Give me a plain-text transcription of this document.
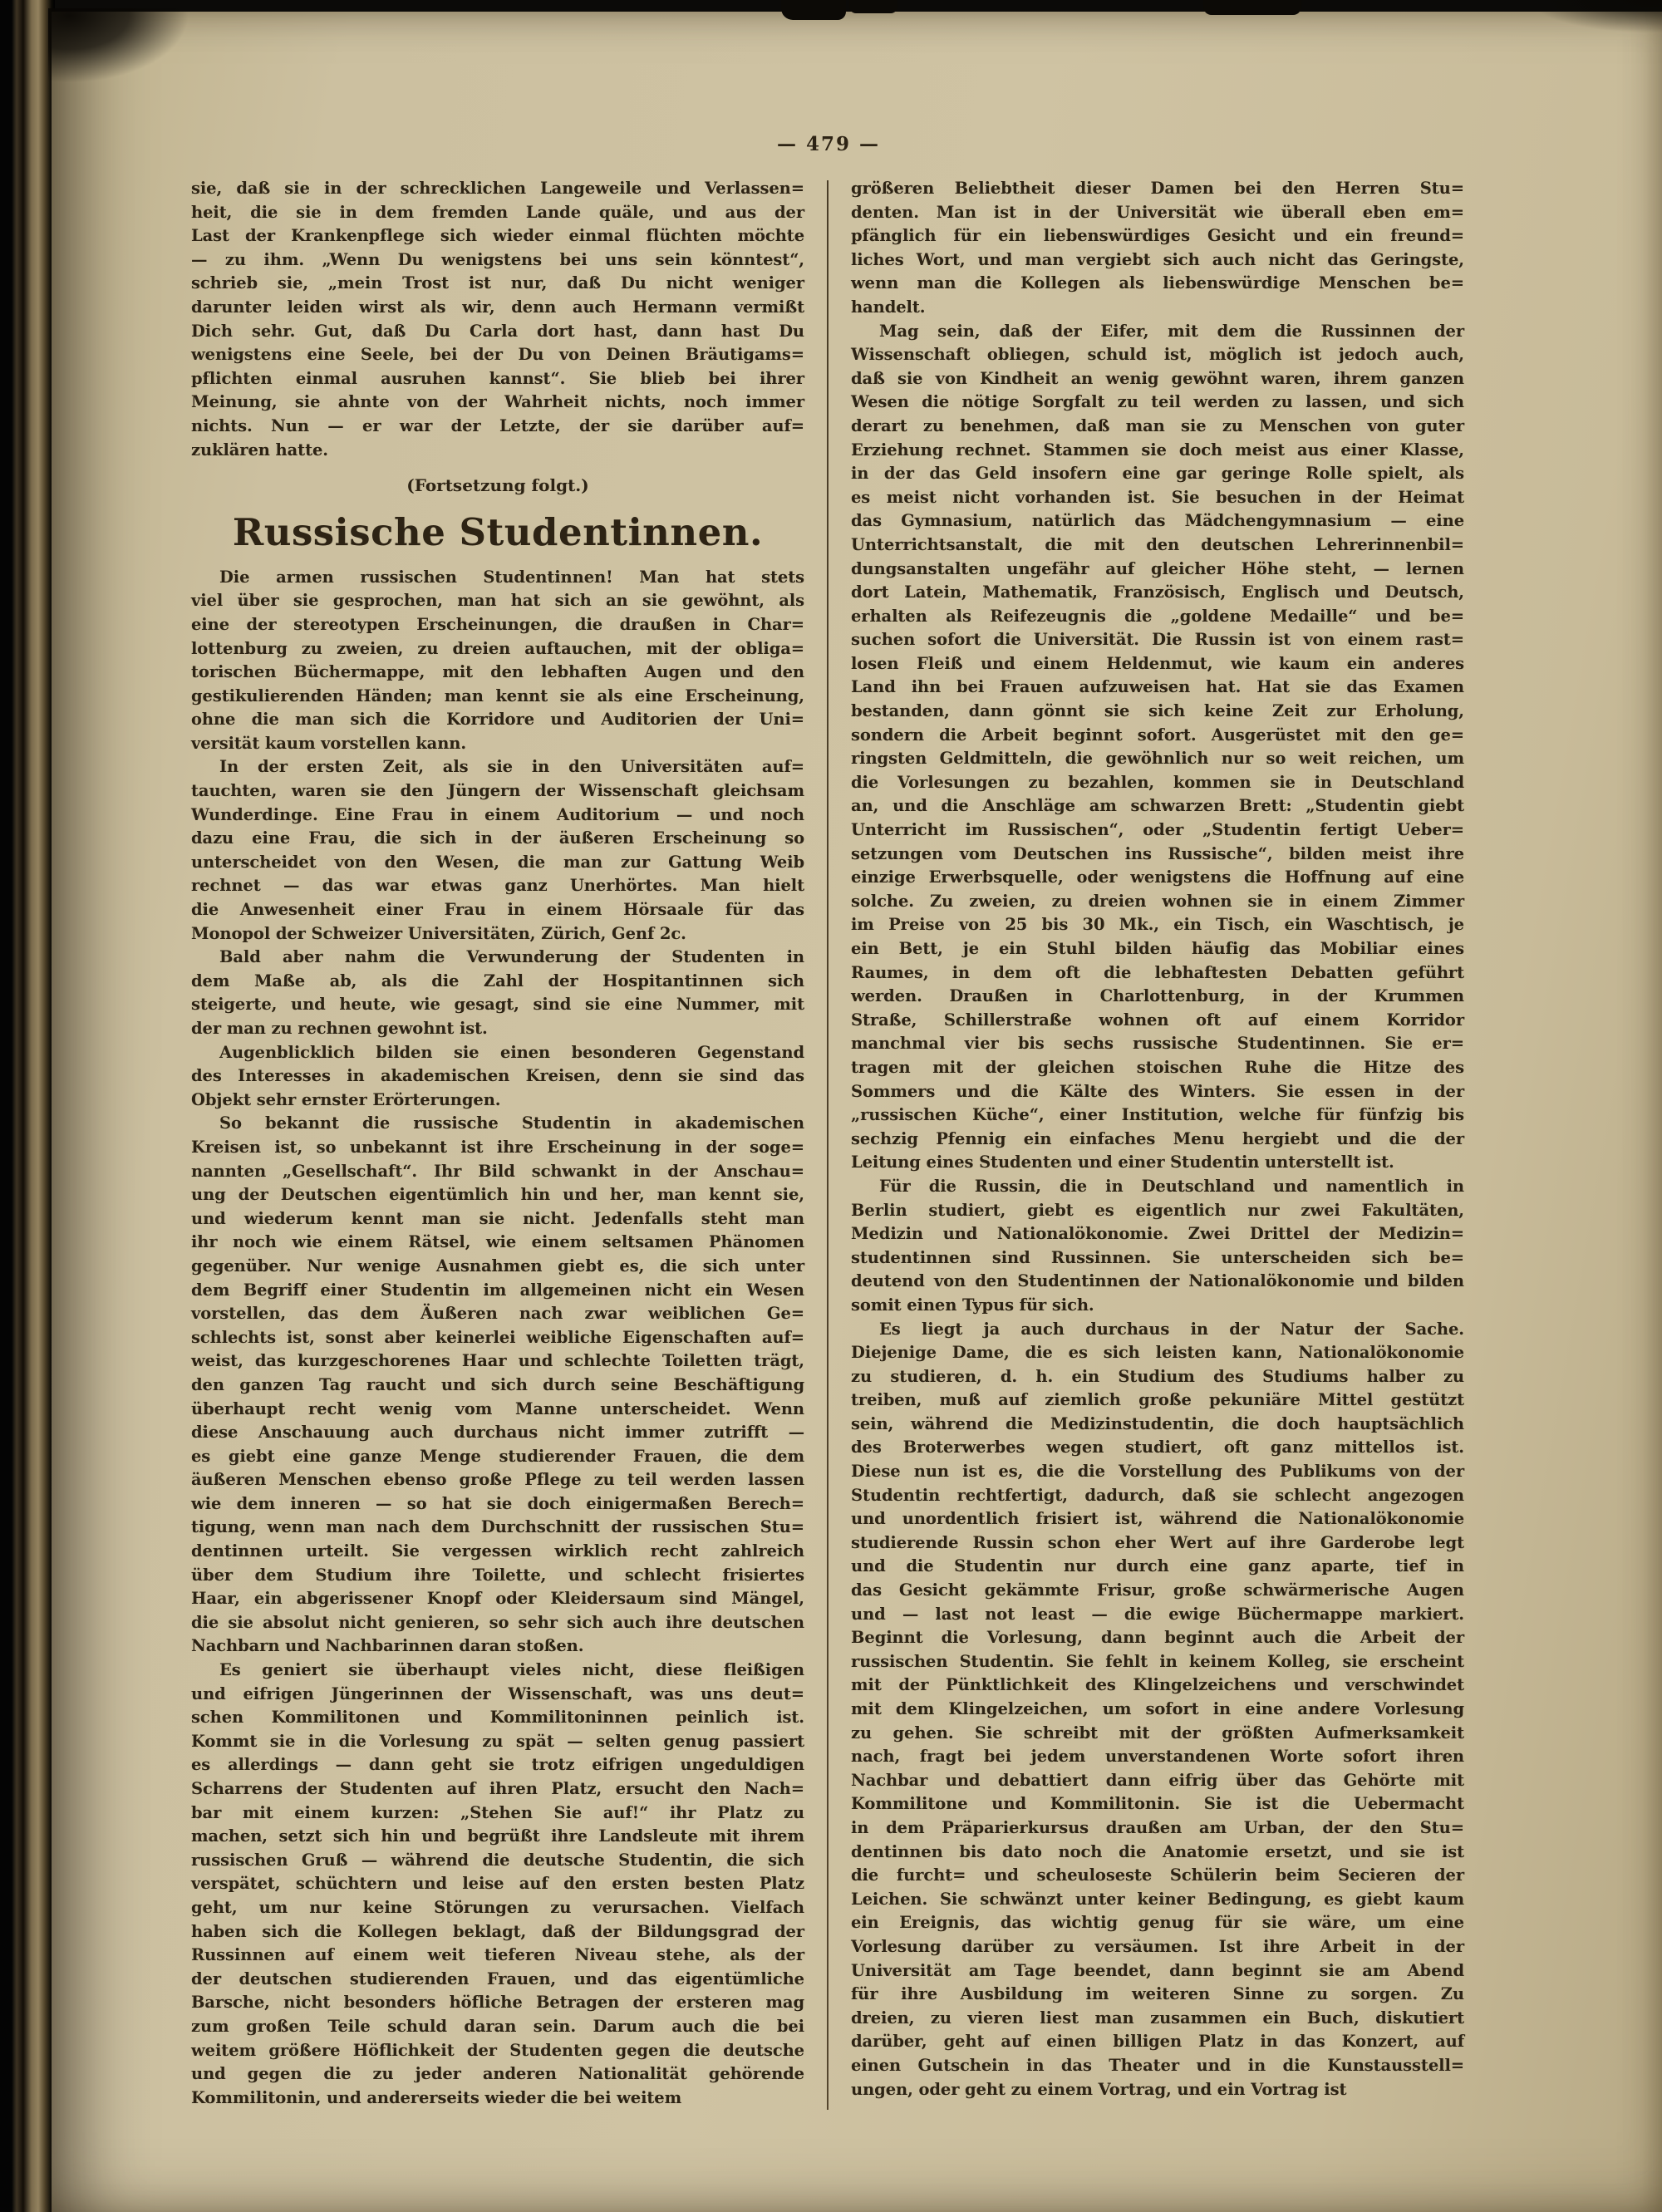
— 479 —
sie, daß sie in der schrecklichen Langeweile und Verlassen=
heit, die sie in dem fremden Lande quäle, und aus der
Last der Krankenpflege sich wieder einmal flüchten möchte
— zu ihm. „Wenn Du wenigstens bei uns sein könntest“,
schrieb sie, „mein Trost ist nur, daß Du nicht weniger
darunter leiden wirst als wir, denn auch Hermann vermißt
Dich sehr. Gut, daß Du Carla dort hast, dann hast Du
wenigstens eine Seele, bei der Du von Deinen Bräutigams=
pflichten einmal ausruhen kannst“. Sie blieb bei ihrer
Meinung, sie ahnte von der Wahrheit nichts, noch immer
nichts. Nun — er war der Letzte, der sie darüber auf=
zuklären hatte.
(Fortsetzung folgt.)
Russische Studentinnen.
Die armen russischen Studentinnen! Man hat stets
viel über sie gesprochen, man hat sich an sie gewöhnt, als
eine der stereotypen Erscheinungen, die draußen in Char=
lottenburg zu zweien, zu dreien auftauchen, mit der obliga=
torischen Büchermappe, mit den lebhaften Augen und den
gestikulierenden Händen; man kennt sie als eine Erscheinung,
ohne die man sich die Korridore und Auditorien der Uni=
versität kaum vorstellen kann.
In der ersten Zeit, als sie in den Universitäten auf=
tauchten, waren sie den Jüngern der Wissenschaft gleichsam
Wunderdinge. Eine Frau in einem Auditorium — und noch
dazu eine Frau, die sich in der äußeren Erscheinung so
unterscheidet von den Wesen, die man zur Gattung Weib
rechnet — das war etwas ganz Unerhörtes. Man hielt
die Anwesenheit einer Frau in einem Hörsaale für das
Monopol der Schweizer Universitäten, Zürich, Genf 2c.
Bald aber nahm die Verwunderung der Studenten in
dem Maße ab, als die Zahl der Hospitantinnen sich
steigerte, und heute, wie gesagt, sind sie eine Nummer, mit
der man zu rechnen gewohnt ist.
Augenblicklich bilden sie einen besonderen Gegenstand
des Interesses in akademischen Kreisen, denn sie sind das
Objekt sehr ernster Erörterungen.
So bekannt die russische Studentin in akademischen
Kreisen ist, so unbekannt ist ihre Erscheinung in der soge=
nannten „Gesellschaft“. Ihr Bild schwankt in der Anschau=
ung der Deutschen eigentümlich hin und her, man kennt sie,
und wiederum kennt man sie nicht. Jedenfalls steht man
ihr noch wie einem Rätsel, wie einem seltsamen Phänomen
gegenüber. Nur wenige Ausnahmen giebt es, die sich unter
dem Begriff einer Studentin im allgemeinen nicht ein Wesen
vorstellen, das dem Äußeren nach zwar weiblichen Ge=
schlechts ist, sonst aber keinerlei weibliche Eigenschaften auf=
weist, das kurzgeschorenes Haar und schlechte Toiletten trägt,
den ganzen Tag raucht und sich durch seine Beschäftigung
überhaupt recht wenig vom Manne unterscheidet. Wenn
diese Anschauung auch durchaus nicht immer zutrifft —
es giebt eine ganze Menge studierender Frauen, die dem
äußeren Menschen ebenso große Pflege zu teil werden lassen
wie dem inneren — so hat sie doch einigermaßen Berech=
tigung, wenn man nach dem Durchschnitt der russischen Stu=
dentinnen urteilt. Sie vergessen wirklich recht zahlreich
über dem Studium ihre Toilette, und schlecht frisiertes
Haar, ein abgerissener Knopf oder Kleidersaum sind Mängel,
die sie absolut nicht genieren, so sehr sich auch ihre deutschen
Nachbarn und Nachbarinnen daran stoßen.
Es geniert sie überhaupt vieles nicht, diese fleißigen
und eifrigen Jüngerinnen der Wissenschaft, was uns deut=
schen Kommilitonen und Kommilitoninnen peinlich ist.
Kommt sie in die Vorlesung zu spät — selten genug passiert
es allerdings — dann geht sie trotz eifrigen ungeduldigen
Scharrens der Studenten auf ihren Platz, ersucht den Nach=
bar mit einem kurzen: „Stehen Sie auf!“ ihr Platz zu
machen, setzt sich hin und begrüßt ihre Landsleute mit ihrem
russischen Gruß — während die deutsche Studentin, die sich
verspätet, schüchtern und leise auf den ersten besten Platz
geht, um nur keine Störungen zu verursachen. Vielfach
haben sich die Kollegen beklagt, daß der Bildungsgrad der
Russinnen auf einem weit tieferen Niveau stehe, als der
der deutschen studierenden Frauen, und das eigentümliche
Barsche, nicht besonders höfliche Betragen der ersteren mag
zum großen Teile schuld daran sein. Darum auch die bei
weitem größere Höflichkeit der Studenten gegen die deutsche
und gegen die zu jeder anderen Nationalität gehörende
Kommilitonin, und andererseits wieder die bei weitem
größeren Beliebtheit dieser Damen bei den Herren Stu=
denten. Man ist in der Universität wie überall eben em=
pfänglich für ein liebenswürdiges Gesicht und ein freund=
liches Wort, und man vergiebt sich auch nicht das Geringste,
wenn man die Kollegen als liebenswürdige Menschen be=
handelt.
Mag sein, daß der Eifer, mit dem die Russinnen der
Wissenschaft obliegen, schuld ist, möglich ist jedoch auch,
daß sie von Kindheit an wenig gewöhnt waren, ihrem ganzen
Wesen die nötige Sorgfalt zu teil werden zu lassen, und sich
derart zu benehmen, daß man sie zu Menschen von guter
Erziehung rechnet. Stammen sie doch meist aus einer Klasse,
in der das Geld insofern eine gar geringe Rolle spielt, als
es meist nicht vorhanden ist. Sie besuchen in der Heimat
das Gymnasium, natürlich das Mädchengymnasium — eine
Unterrichtsanstalt, die mit den deutschen Lehrerinnenbil=
dungsanstalten ungefähr auf gleicher Höhe steht, — lernen
dort Latein, Mathematik, Französisch, Englisch und Deutsch,
erhalten als Reifezeugnis die „goldene Medaille“ und be=
suchen sofort die Universität. Die Russin ist von einem rast=
losen Fleiß und einem Heldenmut, wie kaum ein anderes
Land ihn bei Frauen aufzuweisen hat. Hat sie das Examen
bestanden, dann gönnt sie sich keine Zeit zur Erholung,
sondern die Arbeit beginnt sofort. Ausgerüstet mit den ge=
ringsten Geldmitteln, die gewöhnlich nur so weit reichen, um
die Vorlesungen zu bezahlen, kommen sie in Deutschland
an, und die Anschläge am schwarzen Brett: „Studentin giebt
Unterricht im Russischen“, oder „Studentin fertigt Ueber=
setzungen vom Deutschen ins Russische“, bilden meist ihre
einzige Erwerbsquelle, oder wenigstens die Hoffnung auf eine
solche. Zu zweien, zu dreien wohnen sie in einem Zimmer
im Preise von 25 bis 30 Mk., ein Tisch, ein Waschtisch, je
ein Bett, je ein Stuhl bilden häufig das Mobiliar eines
Raumes, in dem oft die lebhaftesten Debatten geführt
werden. Draußen in Charlottenburg, in der Krummen
Straße, Schillerstraße wohnen oft auf einem Korridor
manchmal vier bis sechs russische Studentinnen. Sie er=
tragen mit der gleichen stoischen Ruhe die Hitze des
Sommers und die Kälte des Winters. Sie essen in der
„russischen Küche“, einer Institution, welche für fünfzig bis
sechzig Pfennig ein einfaches Menu hergiebt und die der
Leitung eines Studenten und einer Studentin unterstellt ist.
Für die Russin, die in Deutschland und namentlich in
Berlin studiert, giebt es eigentlich nur zwei Fakultäten,
Medizin und Nationalökonomie. Zwei Drittel der Medizin=
studentinnen sind Russinnen. Sie unterscheiden sich be=
deutend von den Studentinnen der Nationalökonomie und bilden
somit einen Typus für sich.
Es liegt ja auch durchaus in der Natur der Sache.
Diejenige Dame, die es sich leisten kann, Nationalökonomie
zu studieren, d. h. ein Studium des Studiums halber zu
treiben, muß auf ziemlich große pekuniäre Mittel gestützt
sein, während die Medizinstudentin, die doch hauptsächlich
des Broterwerbes wegen studiert, oft ganz mittellos ist.
Diese nun ist es, die die Vorstellung des Publikums von der
Studentin rechtfertigt, dadurch, daß sie schlecht angezogen
und unordentlich frisiert ist, während die Nationalökonomie
studierende Russin schon eher Wert auf ihre Garderobe legt
und die Studentin nur durch eine ganz aparte, tief in
das Gesicht gekämmte Frisur, große schwärmerische Augen
und — last not least — die ewige Büchermappe markiert.
Beginnt die Vorlesung, dann beginnt auch die Arbeit der
russischen Studentin. Sie fehlt in keinem Kolleg, sie erscheint
mit der Pünktlichkeit des Klingelzeichens und verschwindet
mit dem Klingelzeichen, um sofort in eine andere Vorlesung
zu gehen. Sie schreibt mit der größten Aufmerksamkeit
nach, fragt bei jedem unverstandenen Worte sofort ihren
Nachbar und debattiert dann eifrig über das Gehörte mit
Kommilitone und Kommilitonin. Sie ist die Uebermacht
in dem Präparierkursus draußen am Urban, der den Stu=
dentinnen bis dato noch die Anatomie ersetzt, und sie ist
die furcht= und scheuloseste Schülerin beim Secieren der
Leichen. Sie schwänzt unter keiner Bedingung, es giebt kaum
ein Ereignis, das wichtig genug für sie wäre, um eine
Vorlesung darüber zu versäumen. Ist ihre Arbeit in der
Universität am Tage beendet, dann beginnt sie am Abend
für ihre Ausbildung im weiteren Sinne zu sorgen. Zu
dreien, zu vieren liest man zusammen ein Buch, diskutiert
darüber, geht auf einen billigen Platz in das Konzert, auf
einen Gutschein in das Theater und in die Kunstausstell=
ungen, oder geht zu einem Vortrag, und ein Vortrag ist
